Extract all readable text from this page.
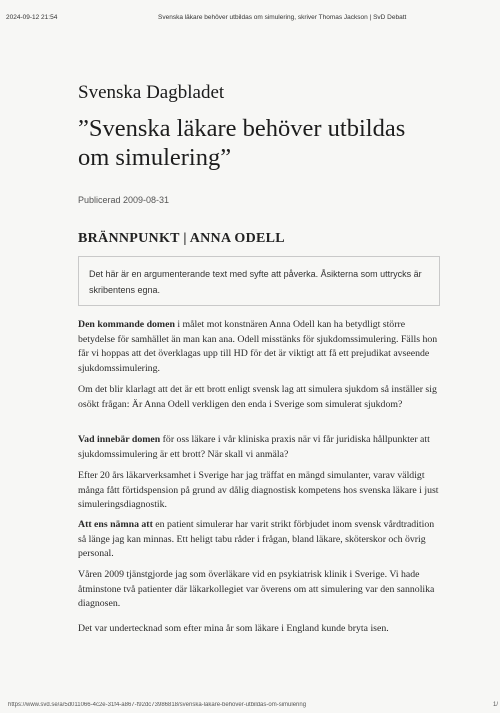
2024-09-12 21:54	Svenska läkare behöver utbildas om simulering, skriver Thomas Jackson | SvD Debatt
Svenska Dagbladet
”Svenska läkare behöver utbildas om simulering”
Publicerad 2009-08-31
BRÄNNPUNKT | ANNA ODELL
Det här är en argumenterande text med syfte att påverka. Åsikterna som uttrycks är skribentens egna.

Den kommande domen i målet mot konstnären Anna Odell kan ha betydligt större betydelse för samhället än man kan ana. Odell misstänks för sjukdomssimulering. Fälls hon får vi hoppas att det överklagas upp till HD för det är viktigt att få ett prejudikat avseende sjukdomssimulering.

Om det blir klarlagt att det är ett brott enligt svensk lag att simulera sjukdom så inställer sig osökt frågan: Är Anna Odell verkligen den enda i Sverige som simulerat sjukdom?

Vad innebär domen för oss läkare i vår kliniska praxis när vi får juridiska hållpunkter att sjukdomssimulering är ett brott? När skall vi anmäla?

Efter 20 års läkarverksamhet i Sverige har jag träffat en mängd simulanter, varav väldigt många fått förtidspension på grund av dålig diagnostisk kompetens hos svenska läkare i just simuleringsdiagnostik.

Att ens nämna att en patient simulerar har varit strikt förbjudet inom svensk vårdtradition så länge jag kan minnas. Ett heligt tabu råder i frågan, bland läkare, sköterskor och övrig personal.

Våren 2009 tjänstgjorde jag som överläkare vid en psykiatrisk klinik i Sverige. Vi hade åtminstone två patienter där läkarkollegiet var överens om att simulering var den sannolika diagnosen.

Det var undertecknad som efter mina år som läkare i England kunde bryta isen.

https://www.svd.se/a/5d011066-4c2e-31f4-a867-f92dc73986818/svenska-lakare-behover-utbildas-om-simulering	1/
